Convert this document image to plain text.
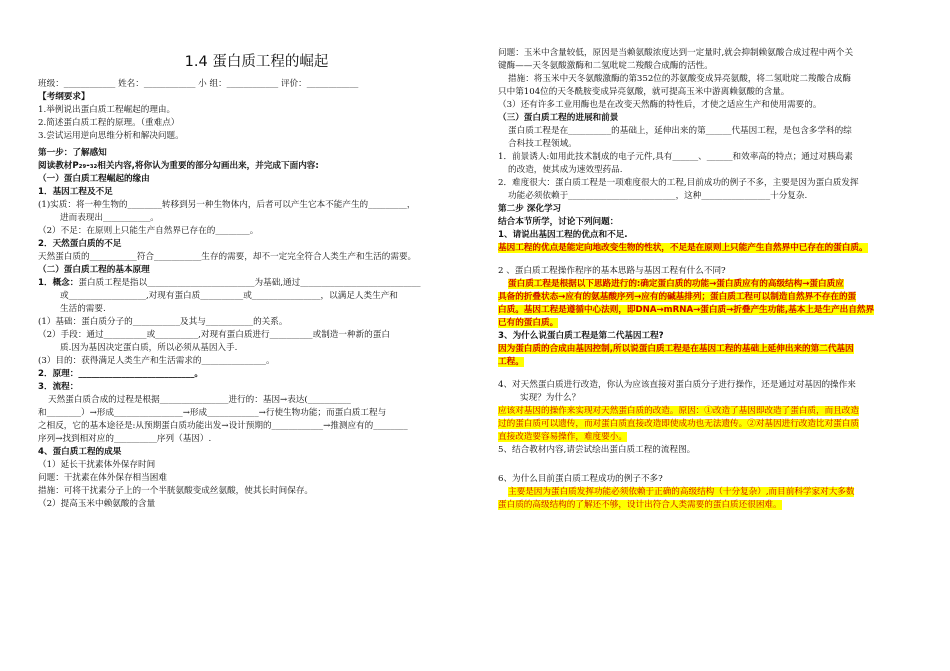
1.4 蛋白质工程的崛起
班级：____________ 姓名：____________ 小 组：____________ 评价：____________
【考纲要求】
1.举例说出蛋白质工程崛起的理由。
2.简述蛋白质工程的原理。（重难点）
3.尝试运用逆向思维分析和解决问题。
第一步：了解感知
阅读教材P₂₉-₃₂相关内容,将你认为重要的部分勾画出来，并完成下面内容:
（一）蛋白质工程崛起的缘由
1．基因工程及不足
(1)实质：将一种生物的________转移到另一种生物体内，后者可以产生它本不能产生的_________，
进而表现出___________。
（2）不足：在原则上只能生产自然界已存在的________。
2．天然蛋白质的不足
天然蛋白质的___________符合___________生存的需要，却不一定完全符合人类生产和生活的需要。
（二）蛋白质工程的基本原理
1．概念：蛋白质工程是指以_________________________为基础,通过____________________________
或__________________,对现有蛋白质__________或________________，以满足人类生产和
生活的需要.
(1）基础：蛋白质分子的___________及其与___________的关系。
（2）手段：通过__________或__________,对现有蛋白质进行__________或制造一种新的蛋白
质.因为基因决定蛋白质，所以必须从基因入手.
(3）目的：获得满足人类生产和生活需求的_______________。
2．原理：___________________________。
3．流程：
天然蛋白质合成的过程是根据________________进行的：基因→表达(__________
和________）→形成________________→形成____________→行使生物功能；而蛋白质工程与
之相反，它的基本途径是:从预期蛋白质功能出发→设计预期的____________→推测应有的________
序列→找到相对应的__________序列（基因）.
4、蛋白质工程的成果
（1）延长干扰素体外保存时间
问题：干扰素在体外保存相当困难
措施：可将干扰素分子上的一个半胱氨酸变成丝氨酸，使其长时间保存。
（2）提高玉米中赖氨酸的含量
问题：玉米中含量较低，原因是当赖氨酸浓度达到一定量时,就会抑制赖氨酸合成过程中两个关
键酶——天冬氨酸激酶和二氢吡啶二羧酸合成酶的活性。
措施：将玉米中天冬氨酸激酶的第352位的苏氨酸变成异亮氨酸，将二氢吡啶二羧酸合成酶
只中第104位的天冬酰胺变成异亮氨酸，就可提高玉米中游离赖氨酸的含量。
（3）还有许多工业用酶也是在改变天然酶的特性后，才使之适应生产和使用需要的。
（三）蛋白质工程的进展和前景
蛋白质工程是在__________的基础上，延伸出来的第______代基因工程，是包含多学科的综
合科技工程领域。
1．前景诱人:如用此技术制成的电子元件,具有______、______和效率高的特点；通过对胰岛素
的改造，使其成为速效型药品.
2．难度很大：蛋白质工程是一项难度很大的工程,目前成功的例子不多，主要是因为蛋白质发挥
功能必须依赖于_________________________，这种________________十分复杂.
第二步 深化学习
结合本节所学，讨论下列问题：
1、请说出基因工程的优点和不足.
基因工程的优点是能定向地改变生物的性状，不足是在原则上只能产生自然界中已存在的蛋白质。
2 、蛋白质工程操作程序的基本思路与基因工程有什么不同?
蛋白质工程是根据以下思路进行的:确定蛋白质的功能→蛋白质应有的高级结构→蛋白质应
具备的折叠状态→应有的氨基酸序列→应有的碱基排列；蛋白质工程可以制造自然界不存在的蛋
白质。基因工程是遵循中心法则，即DNA→mRNA→蛋白质→折叠产生功能,基本上是生产出自然界
已有的蛋白质。
3、为什么说蛋白质工程是第二代基因工程?
因为蛋白质的合成由基因控制,所以说蛋白质工程是在基因工程的基础上延伸出来的第二代基因
工程。
4、对天然蛋白质进行改造，你认为应该直接对蛋白质分子进行操作，还是通过对基因的操作来
实现？为什么？
应该对基因的操作来实现对天然蛋白质的改造。原因：①改造了基因即改造了蛋白质，而且改造
过的蛋白质可以遗传，而对蛋白质直接改造即使成功也无法遗传。②对基因进行改造比对蛋白质
直接改造要容易操作，难度要小。
5、结合教材内容,请尝试绘出蛋白质工程的流程图。
6、为什么目前蛋白质工程成功的例子不多?
主要是因为蛋白质发挥功能必须依赖于正确的高级结构（十分复杂）,而目前科学家对大多数
蛋白质的高级结构的了解还不够，设计出符合人类需要的蛋白质还很困难。
